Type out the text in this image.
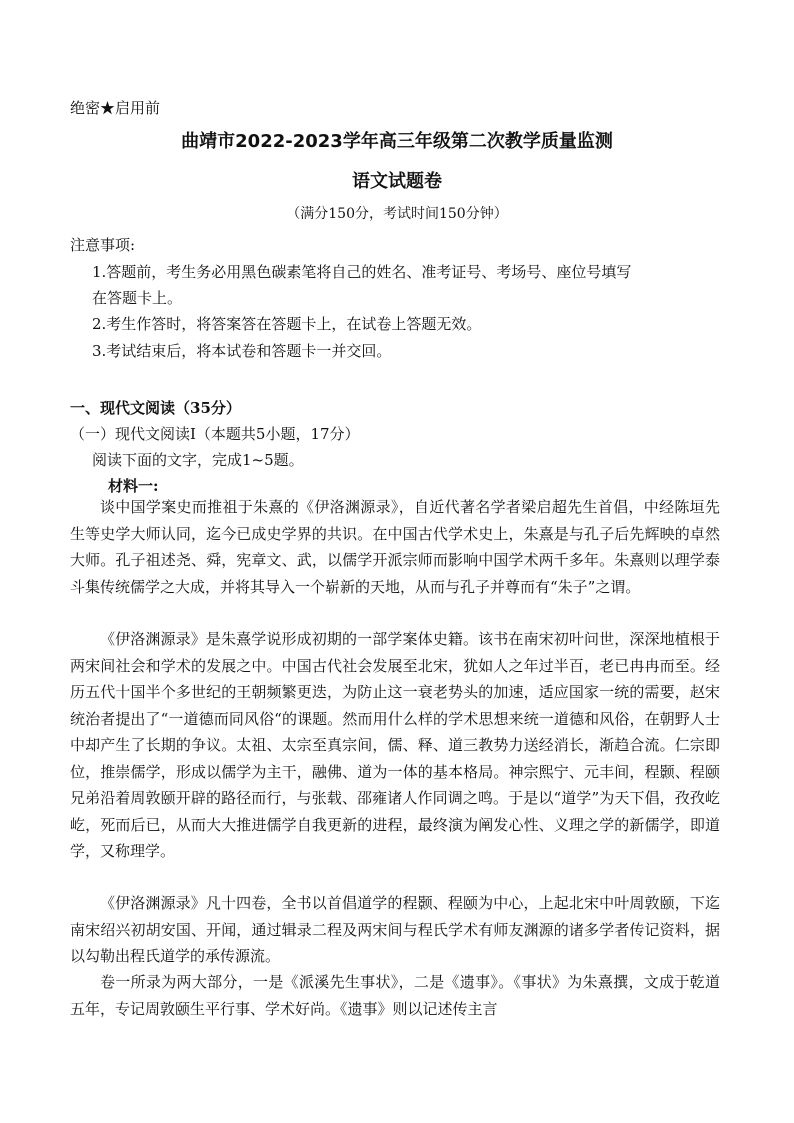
绝密★启用前
曲靖市2022-2023学年高三年级第二次教学质量监测
语文试题卷
（满分150分，考试时间150分钟）
注意事项:
1.答题前，考生务必用黑色碳素笔将自己的姓名、准考证号、考场号、座位号填写
在答题卡上。
2.考生作答时，将答案答在答题卡上，在试卷上答题无效。
3.考试结束后，将本试卷和答题卡一并交回。
一、现代文阅读（35分）
（一）现代文阅读Ⅰ（本题共5小题，17分）
阅读下面的文字，完成1~5题。
材料一:
谈中国学案史而推祖于朱熹的《伊洛渊源录》，自近代著名学者梁启超先生首倡，中经陈垣先生等史学大师认同，迄今已成史学界的共识。在中国古代学术史上，朱熹是与孔子后先辉映的卓然大师。孔子祖述尧、舜，宪章文、武，以儒学开派宗师而影响中国学术两千多年。朱熹则以理学泰斗集传统儒学之大成，并将其导入一个崭新的天地，从而与孔子并尊而有“朱子”之谓。
《伊洛渊源录》是朱熹学说形成初期的一部学案体史籍。该书在南宋初叶问世，深深地植根于两宋间社会和学术的发展之中。中国古代社会发展至北宋，犹如人之年过半百，老已冉冉而至。经历五代十国半个多世纪的王朝频繁更迭，为防止这一衰老势头的加速，适应国家一统的需要，赵宋统治者提出了“一道德而同风俗“的课题。然而用什么样的学术思想来统一道德和风俗，在朝野人士中却产生了长期的争议。太祖、太宗至真宗间，儒、释、道三教势力送经消长，渐趋合流。仁宗即位，推崇儒学，形成以儒学为主干，融佛、道为一体的基本格局。神宗熙宁、元丰间，程颢、程颐兄弟沿着周敦颐开辟的路径而行，与张载、邵雍诸人作同调之鸣。于是以“道学”为天下倡，孜孜屹屹，死而后已，从而大大推进儒学自我更新的进程，最终演为阐发心性、义理之学的新儒学，即道学，又称理学。
《伊洛渊源录》凡十四卷，全书以首倡道学的程颢、程颐为中心，上起北宋中叶周敦颐，下迄南宋绍兴初胡安国、开闻，通过辑录二程及两宋间与程氏学术有师友渊源的诸多学者传记资料，据以勾勒出程氏道学的承传源流。
卷一所录为两大部分，一是《派溪先生事状》，二是《遗事》。《事状》为朱熹撰，文成于乾道五年，专记周敦颐生平行事、学术好尚。《遗事》则以记述传主言
